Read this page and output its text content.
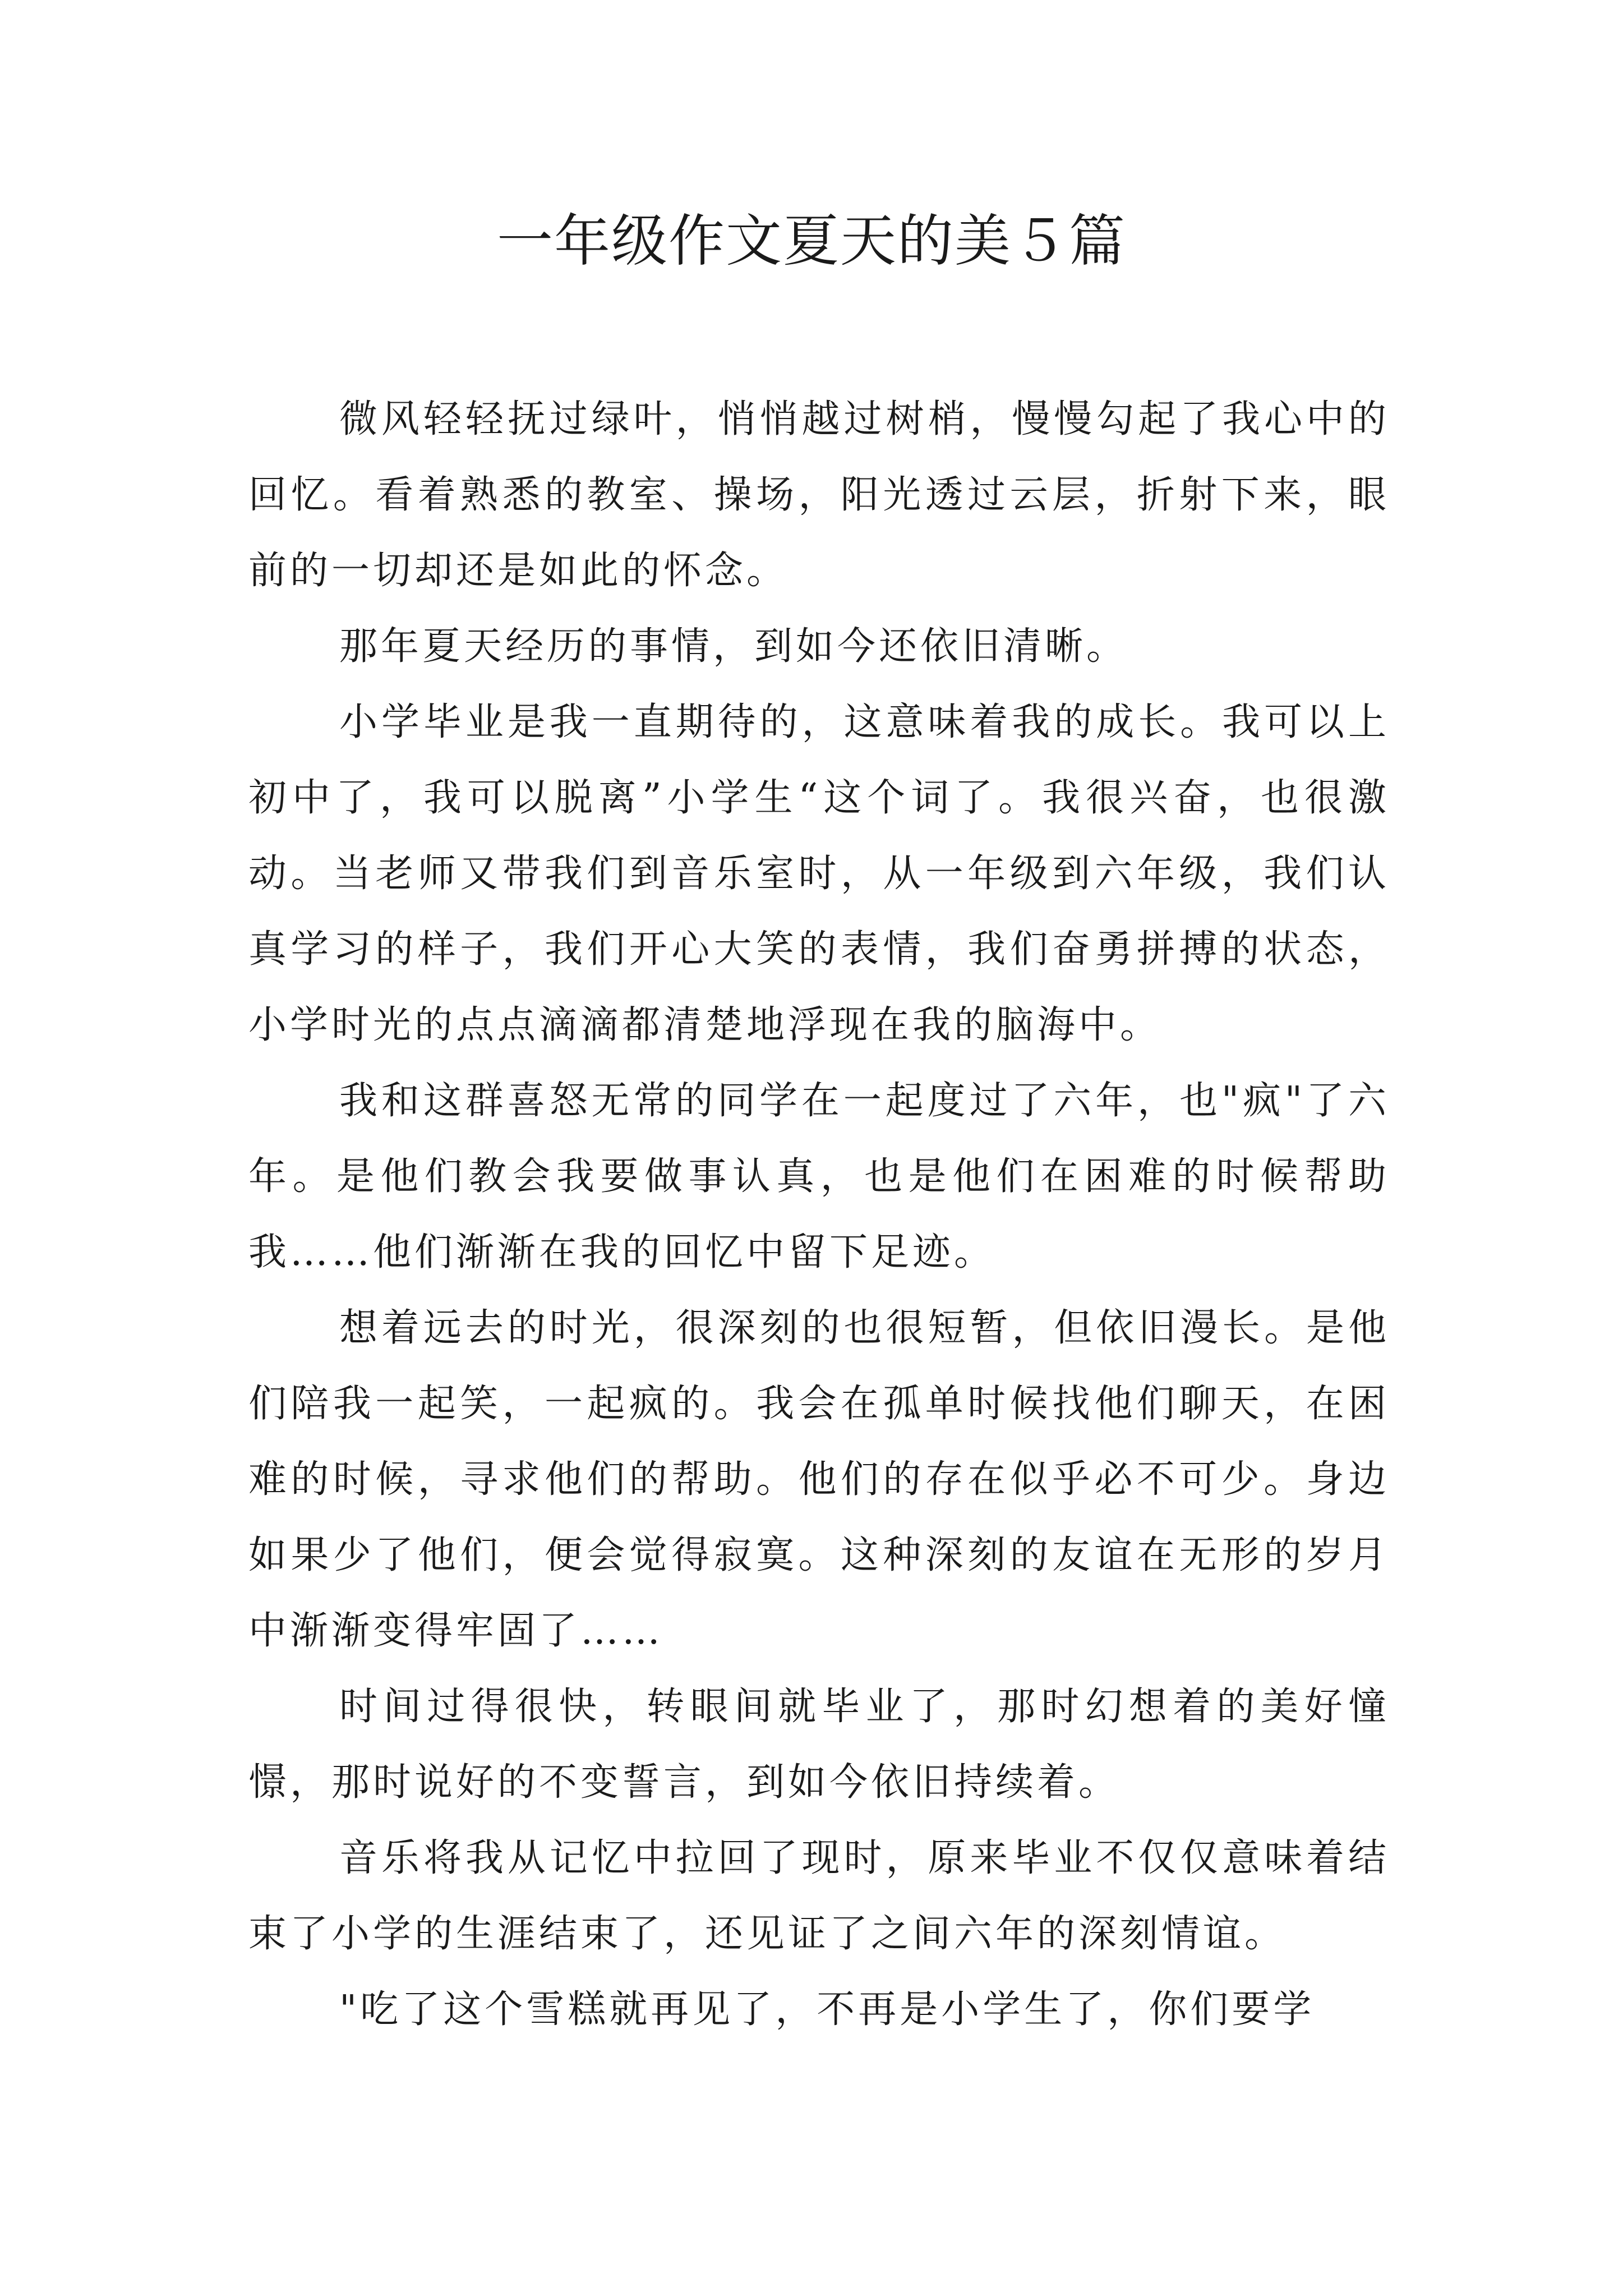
一年级作文夏天的美５篇

微风轻轻抚过绿叶，悄悄越过树梢，慢慢勾起了我心中的回忆。看着熟悉的教室、操场，阳光透过云层，折射下来，眼前的一切却还是如此的怀念。

那年夏天经历的事情，到如今还依旧清晰。

小学毕业是我一直期待的，这意味着我的成长。我可以上初中了，我可以脱离”小学生“这个词了。我很兴奋，也很激动。当老师又带我们到音乐室时，从一年级到六年级，我们认真学习的样子，我们开心大笑的表情，我们奋勇拼搏的状态，小学时光的点点滴滴都清楚地浮现在我的脑海中。

我和这群喜怒无常的同学在一起度过了六年，也"疯"了六年。是他们教会我要做事认真，也是他们在困难的时候帮助我……他们渐渐在我的回忆中留下足迹。

想着远去的时光，很深刻的也很短暂，但依旧漫长。是他们陪我一起笑，一起疯的。我会在孤单时候找他们聊天，在困难的时候，寻求他们的帮助。他们的存在似乎必不可少。身边如果少了他们，便会觉得寂寞。这种深刻的友谊在无形的岁月中渐渐变得牢固了……

时间过得很快，转眼间就毕业了，那时幻想着的美好憧憬，那时说好的不变誓言，到如今依旧持续着。

音乐将我从记忆中拉回了现时，原来毕业不仅仅意味着结束了小学的生涯结束了，还见证了之间六年的深刻情谊。

"吃了这个雪糕就再见了，不再是小学生了，你们要学
